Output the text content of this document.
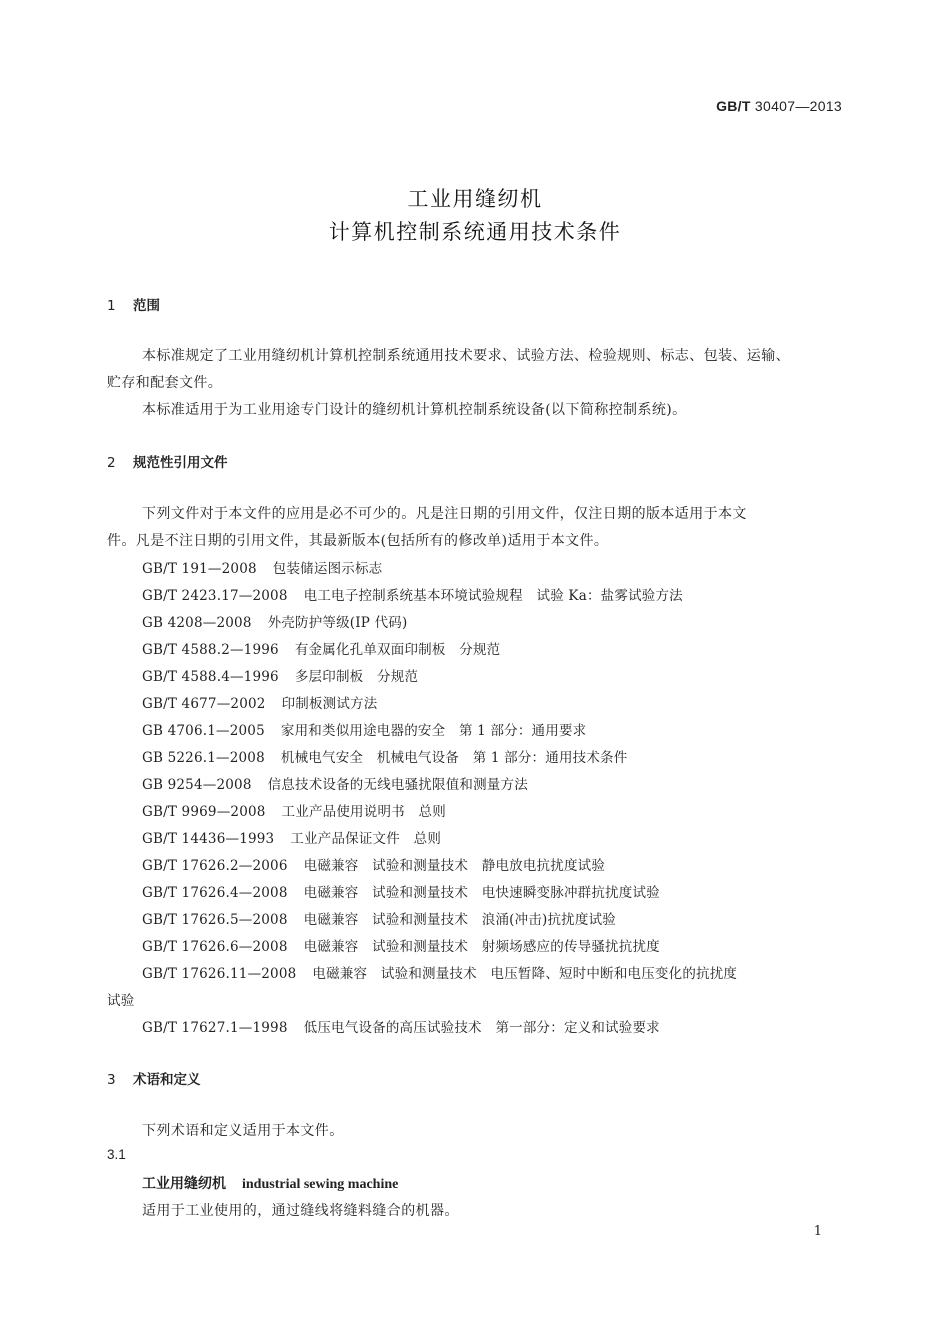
GB/T 30407—2013
工业用缝纫机
计算机控制系统通用技术条件
1 范围
本标准规定了工业用缝纫机计算机控制系统通用技术要求、试验方法、检验规则、标志、包装、运输、
贮存和配套文件。
本标准适用于为工业用途专门设计的缝纫机计算机控制系统设备(以下简称控制系统)。
2 规范性引用文件
下列文件对于本文件的应用是必不可少的。凡是注日期的引用文件，仅注日期的版本适用于本文
件。凡是不注日期的引用文件，其最新版本(包括所有的修改单)适用于本文件。
GB/T 191—2008 包装储运图示标志
GB/T 2423.17—2008 电工电子控制系统基本环境试验规程　试验 Ka：盐雾试验方法
GB 4208—2008 外壳防护等级(IP 代码)
GB/T 4588.2—1996 有金属化孔单双面印制板　分规范
GB/T 4588.4—1996 多层印制板　分规范
GB/T 4677—2002 印制板测试方法
GB 4706.1—2005 家用和类似用途电器的安全　第 1 部分：通用要求
GB 5226.1—2008 机械电气安全　机械电气设备　第 1 部分：通用技术条件
GB 9254—2008 信息技术设备的无线电骚扰限值和测量方法
GB/T 9969—2008 工业产品使用说明书　总则
GB/T 14436—1993 工业产品保证文件　总则
GB/T 17626.2—2006 电磁兼容　试验和测量技术　静电放电抗扰度试验
GB/T 17626.4—2008 电磁兼容　试验和测量技术　电快速瞬变脉冲群抗扰度试验
GB/T 17626.5—2008 电磁兼容　试验和测量技术　浪涌(冲击)抗扰度试验
GB/T 17626.6—2008 电磁兼容　试验和测量技术　射频场感应的传导骚扰抗扰度
GB/T 17626.11—2008 电磁兼容　试验和测量技术　电压暂降、短时中断和电压变化的抗扰度
试验
GB/T 17627.1—1998 低压电气设备的高压试验技术　第一部分：定义和试验要求
3 术语和定义
下列术语和定义适用于本文件。
3.1
工业用缝纫机 industrial sewing machine
适用于工业使用的，通过缝线将缝料缝合的机器。
1
